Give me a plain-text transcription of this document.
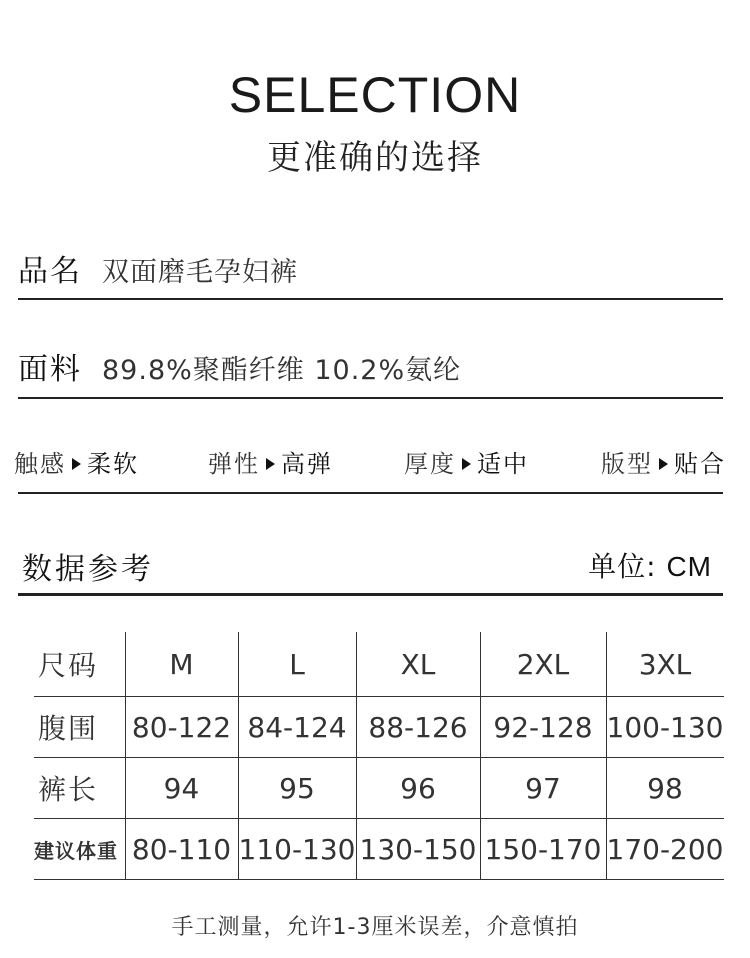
SELECTION
更准确的选择
品名 双面磨毛孕妇裤
面料 89.8%聚酯纤维 10.2%氨纶
触感 柔软	弹性 高弹	厚度 适中	版型 贴合
数据参考	单位: CM
尺码	M	L	XL	2XL	3XL
腹围	80-122	84-124	88-126	92-128	100-130
裤长	94	95	96	97	98
建议体重	80-110	110-130	130-150	150-170	170-200
手工测量，允许1-3厘米误差，介意慎拍
